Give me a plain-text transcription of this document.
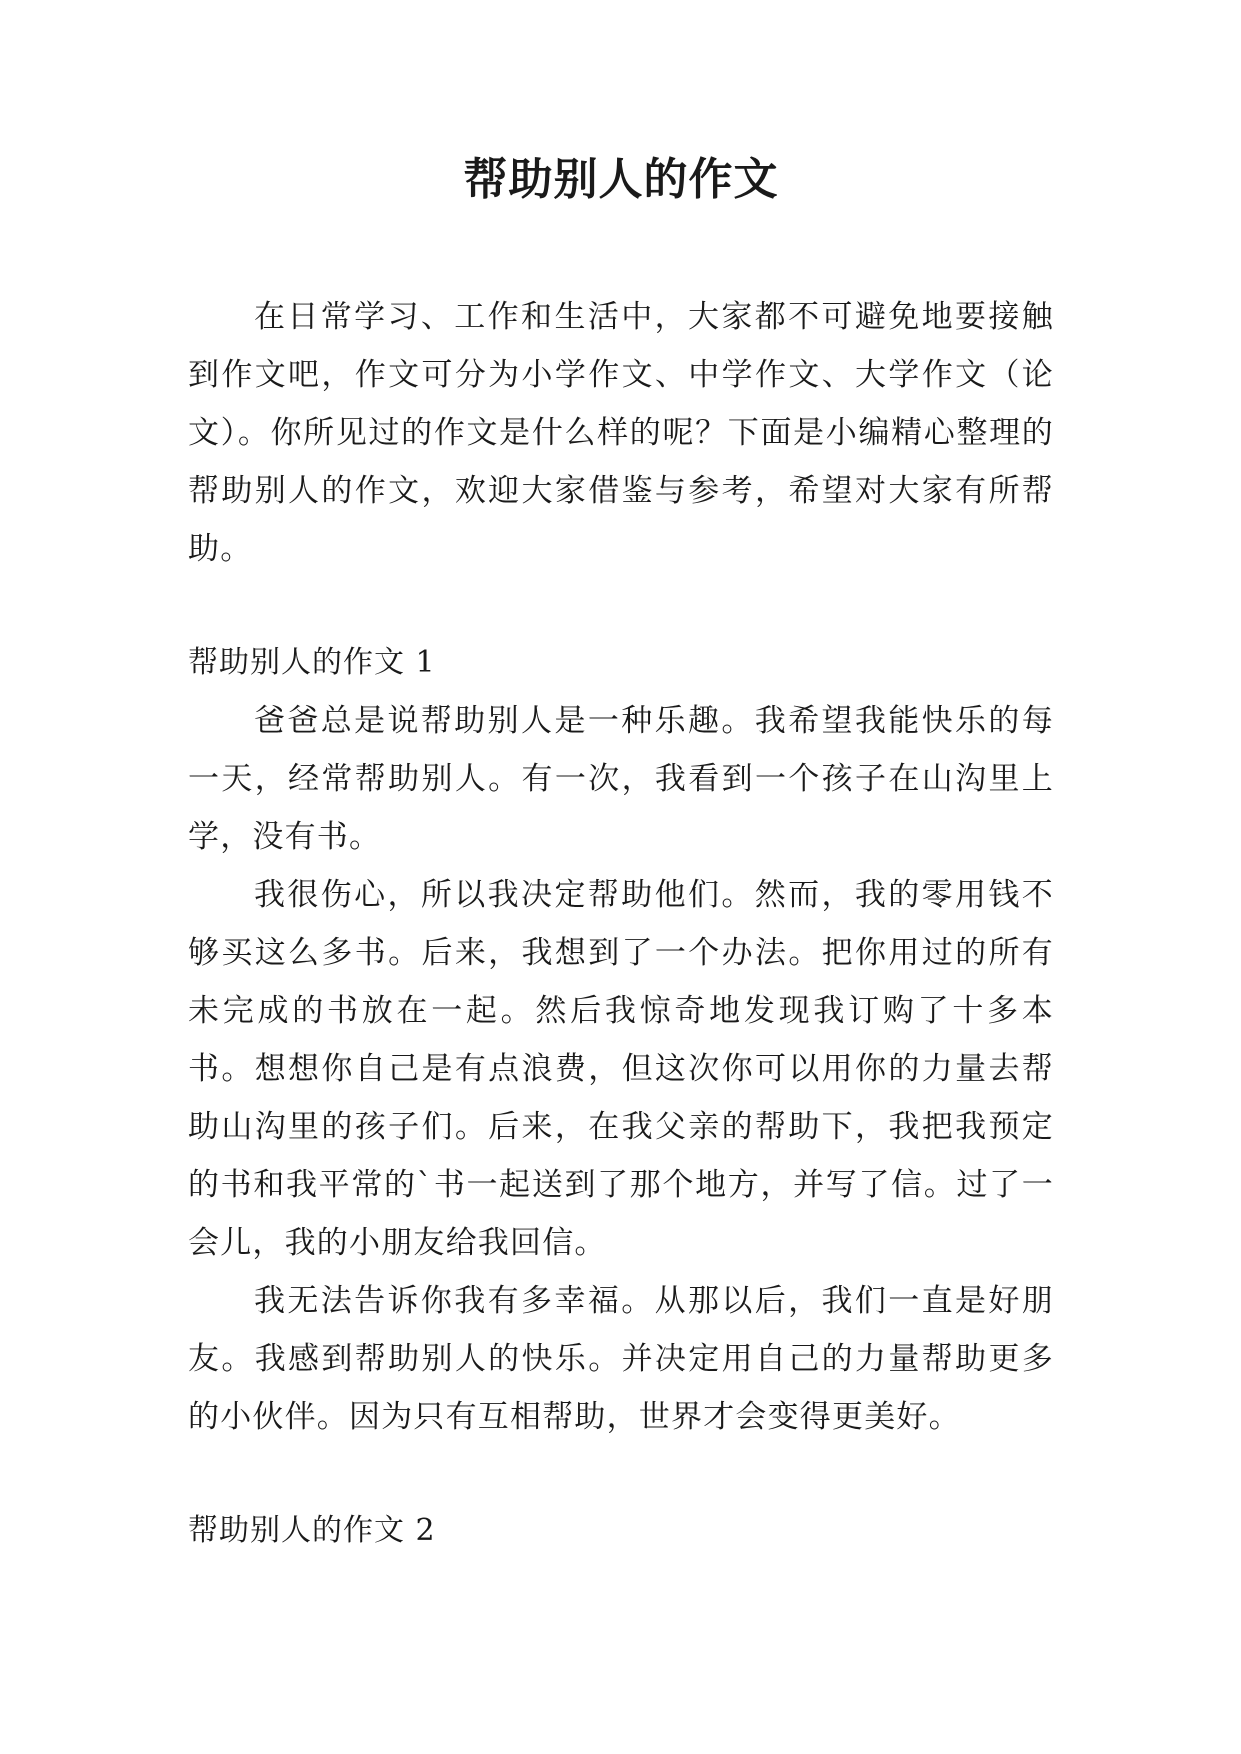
帮助别人的作文

在日常学习、工作和生活中，大家都不可避免地要接触到作文吧，作文可分为小学作文、中学作文、大学作文（论文）。你所见过的作文是什么样的呢？下面是小编精心整理的帮助别人的作文，欢迎大家借鉴与参考，希望对大家有所帮助。

帮助别人的作文 1

爸爸总是说帮助别人是一种乐趣。我希望我能快乐的每一天，经常帮助别人。有一次，我看到一个孩子在山沟里上学，没有书。

我很伤心，所以我决定帮助他们。然而，我的零用钱不够买这么多书。后来，我想到了一个办法。把你用过的所有未完成的书放在一起。然后我惊奇地发现我订购了十多本书。想想你自己是有点浪费，但这次你可以用你的力量去帮助山沟里的孩子们。后来，在我父亲的帮助下，我把我预定的书和我平常的`书一起送到了那个地方，并写了信。过了一会儿，我的小朋友给我回信。

我无法告诉你我有多幸福。从那以后，我们一直是好朋友。我感到帮助别人的快乐。并决定用自己的力量帮助更多的小伙伴。因为只有互相帮助，世界才会变得更美好。

帮助别人的作文 2
